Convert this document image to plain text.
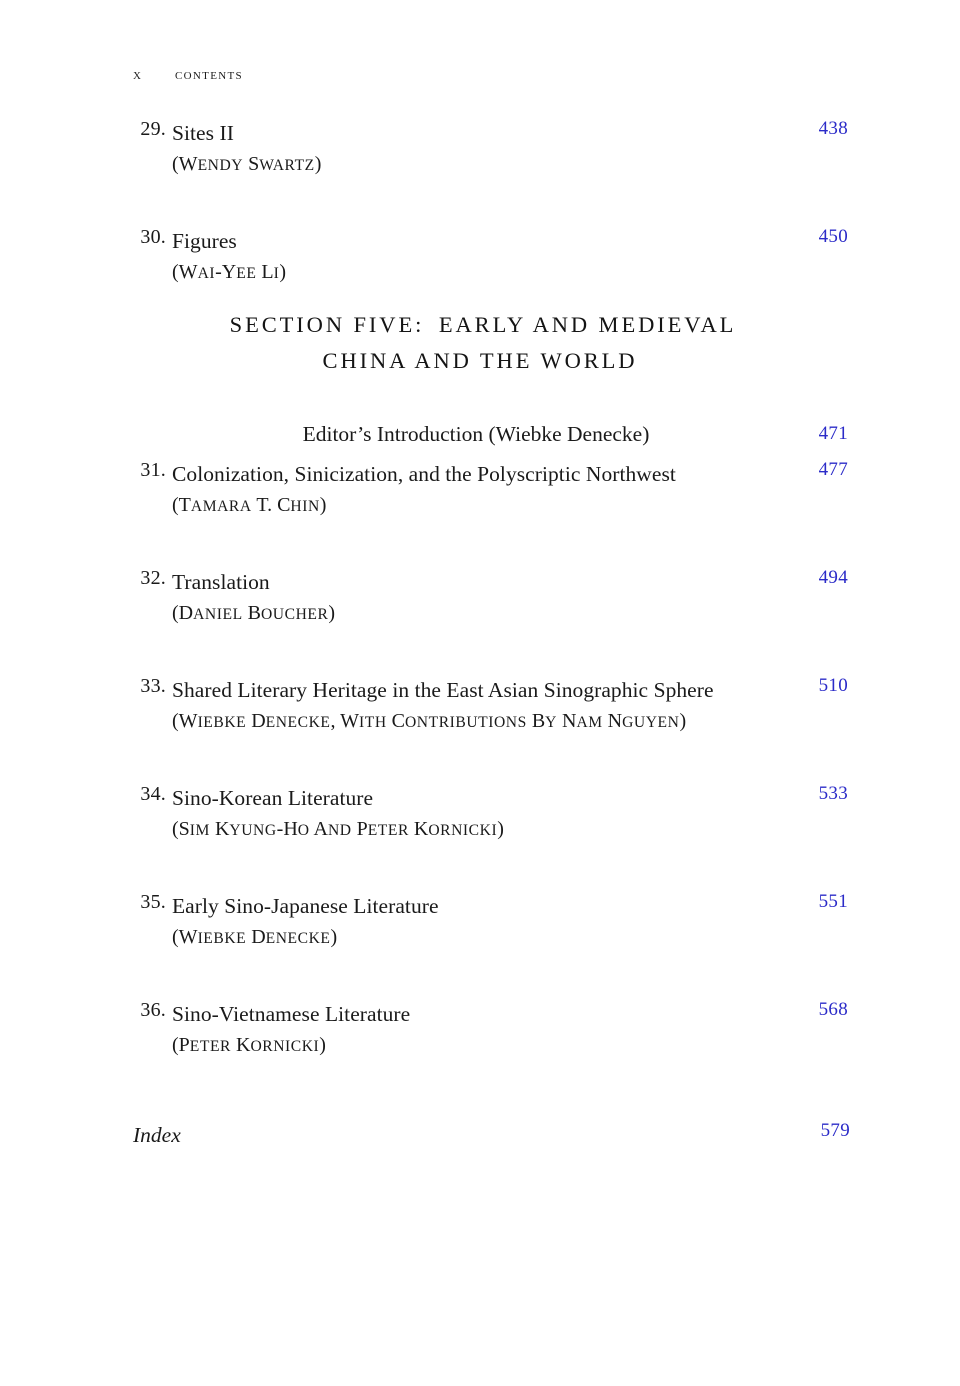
x contents
29. Sites II	438
(WENDY SWARTZ)
30. Figures	450
(WAI-YEE LI)
SECTION FIVE: EARLY AND MEDIEVAL
CHINA AND THE WORLD
Editor’s Introduction (Wiebke Denecke)	471
31. Colonization, Sinicization, and the Polyscriptic Northwest	477
(TAMARA T. CHIN)
32. Translation	494
(DANIEL BOUCHER)
33. Shared Literary Heritage in the East Asian Sinographic Sphere	510
(WIEBKE DENECKE, WITH CONTRIBUTIONS BY NAM NGUYEN)
34. Sino-Korean Literature	533
(SIM KYUNG-HO AND PETER KORNICKI)
35. Early Sino-Japanese Literature	551
(WIEBKE DENECKE)
36. Sino-Vietnamese Literature	568
(PETER KORNICKI)
Index	579
